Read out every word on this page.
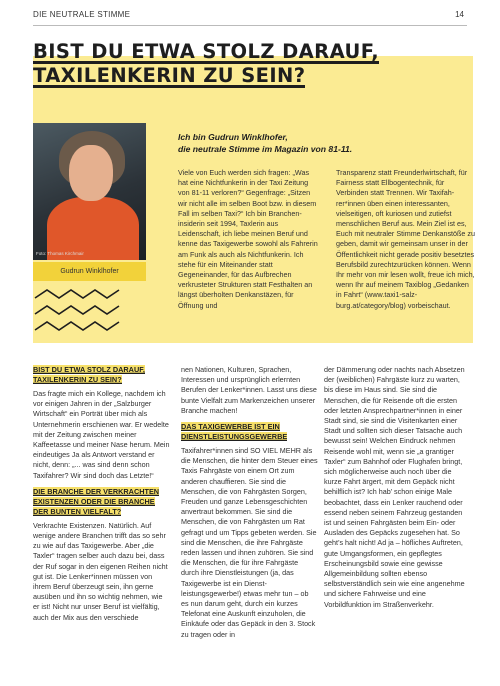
DIE NEUTRALE STIMME	14
BIST DU ETWA STOLZ DARAUF,
TAXILENKERIN ZU SEIN?
Foto: Thomas Kirchmair
Gudrun Winklhofer
Ich bin Gudrun Winklhofer,
die neutrale Stimme im Magazin von 81-11.

Viele von Euch werden sich fragen: „Was hat eine Nichtfunkerin in der Taxi Zeitung von 81-11 verloren?“ Gegenfrage: „Sitzen wir nicht alle im selben Boot bzw. in diesem Fall im selben Taxi?“ Ich bin Brancheninsiderin seit 1994, Taxlerin aus Leidenschaft, ich liebe meinen Beruf und kenne das Taxigewerbe sowohl als Fahrerin am Funk als auch als Nichtfunkerin. Ich stehe für ein Miteinander statt Gegeneinander, für das Aufbrechen verkrusteter Strukturen statt Festhalten an längst überholten Denkanstäzen, für Öffnung und

Transparenz statt Freunderlwirtschaft, für Fairness statt Ellbogentechnik, für Verbinden statt Trennen. Wir Taxifahrer*innen üben einen interessanten, vielseitigen, oft kuriosen und zutiefst menschlichen Beruf aus. Mein Ziel ist es, Euch mit neutraler Stimme Denkanstöße zu geben, damit wir gemeinsam unser in der Öffentlichkeit nicht gerade positiv besetztes Berufsbild zurechtzurücken können. Wenn Ihr mehr von mir lesen wollt, freue ich mich, wenn Ihr auf meinem Taxiblog „Gedanken in Fahrt“ (www.taxi1-salzburg.at/category/blog) vorbeischaut.

BIST DU ETWA STOLZ DARAUF, TAXILENKERIN ZU SEIN?

Das fragte mich ein Kollege, nachdem ich vor einigen Jahren in der „Salzburger Wirtschaft“ ein Porträt über mich als Unternehmerin erschienen war. Er wedelte mit der Zeitung zwischen meiner Kaffeetasse und meiner Nase herum. Mein eindeutiges Ja als Antwort verstand er nicht, denn: „... was sind denn schon Taxifahrer? Wir sind doch das Letzte!“

DIE BRANCHE DER VERKRACHTEN EXISTENZEN ODER DIE BRANCHE DER BUNTEN VIELFALT?

Verkrachte Existenzen. Natürlich. Auf wenige andere Branchen trifft das so sehr zu wie auf das Taxigewerbe. Aber „die Taxler“ tragen selber auch dazu bei, dass der Ruf sogar in den eigenen Reihen nicht gut ist. Die Lenker*innen müssen von ihrem Beruf überzeugt sein, ihn gerne ausüben und ihn so wichtig nehmen, wie er ist! Nicht nur unser Beruf ist vielfältig, auch der Mix aus den verschiede

nen Nationen, Kulturen, Sprachen, Interessen und ursprünglich erlernten Berufen der Lenker*innen. Lasst uns diese bunte Vielfalt zum Markenzeichen unserer Branche machen!

DAS TAXIGEWERBE IST EIN DIENSTLEISTUNGSGEWERBE

Taxifahrer*innen sind SO VIEL MEHR als die Menschen, die hinter dem Steuer eines Taxis Fahrgäste von einem Ort zum anderen chauffieren. Sie sind die Menschen, die von Fahrgästen Sorgen, Freuden und ganze Lebensgeschichten anvertraut bekommen. Sie sind die Menschen, die von Fahrgästen um Rat gefragt und um Tipps gebeten werden. Sie sind die Menschen, die ihre Fahrgäste reden lassen und ihnen zuhören. Sie sind die Menschen, die für ihre Fahrgäste durch ihre Dienstleistungen (ja, das Taxigewerbe ist ein Dienstleistungsgewerbe!) etwas mehr tun – ob es nun darum geht, durch ein kurzes Telefonat eine Auskunft einzuholen, die Einkäufe oder das Gepäck in den 3. Stock zu tragen oder in

der Dämmerung oder nachts nach Absetzen der (weiblichen) Fahrgäste kurz zu warten, bis diese im Haus sind. Sie sind die Menschen, die für Reisende oft die ersten oder letzten Ansprechpartner*innen in einer Stadt sind, sie sind die Visitenkarten einer Stadt und sollten sich dieser Tatsache auch bewusst sein! Welchen Eindruck nehmen Reisende wohl mit, wenn sie „a grantiger Taxler“ zum Bahnhof oder Flughafen bringt, sich möglicherweise auch noch über die kurze Fahrt ärgert, mit dem Gepäck nicht behilflich ist? Ich hab’ schon einige Male beobachtet, dass ein Lenker rauchend oder essend neben seinem Fahrzeug gestanden ist und seinen Fahrgästen beim Ein- oder Ausladen des Gepäcks zugesehen hat. So geht’s halt nicht! Ad ja – höfliches Auftreten, gute Umgangsformen, ein gepflegtes Erscheinungsbild sowie eine gewisse Allgemeinbildung sollten ebenso selbstverständlich sein wie eine angenehme und sichere Fahrweise und eine Vorbildfunktion im Straßenverkehr.
